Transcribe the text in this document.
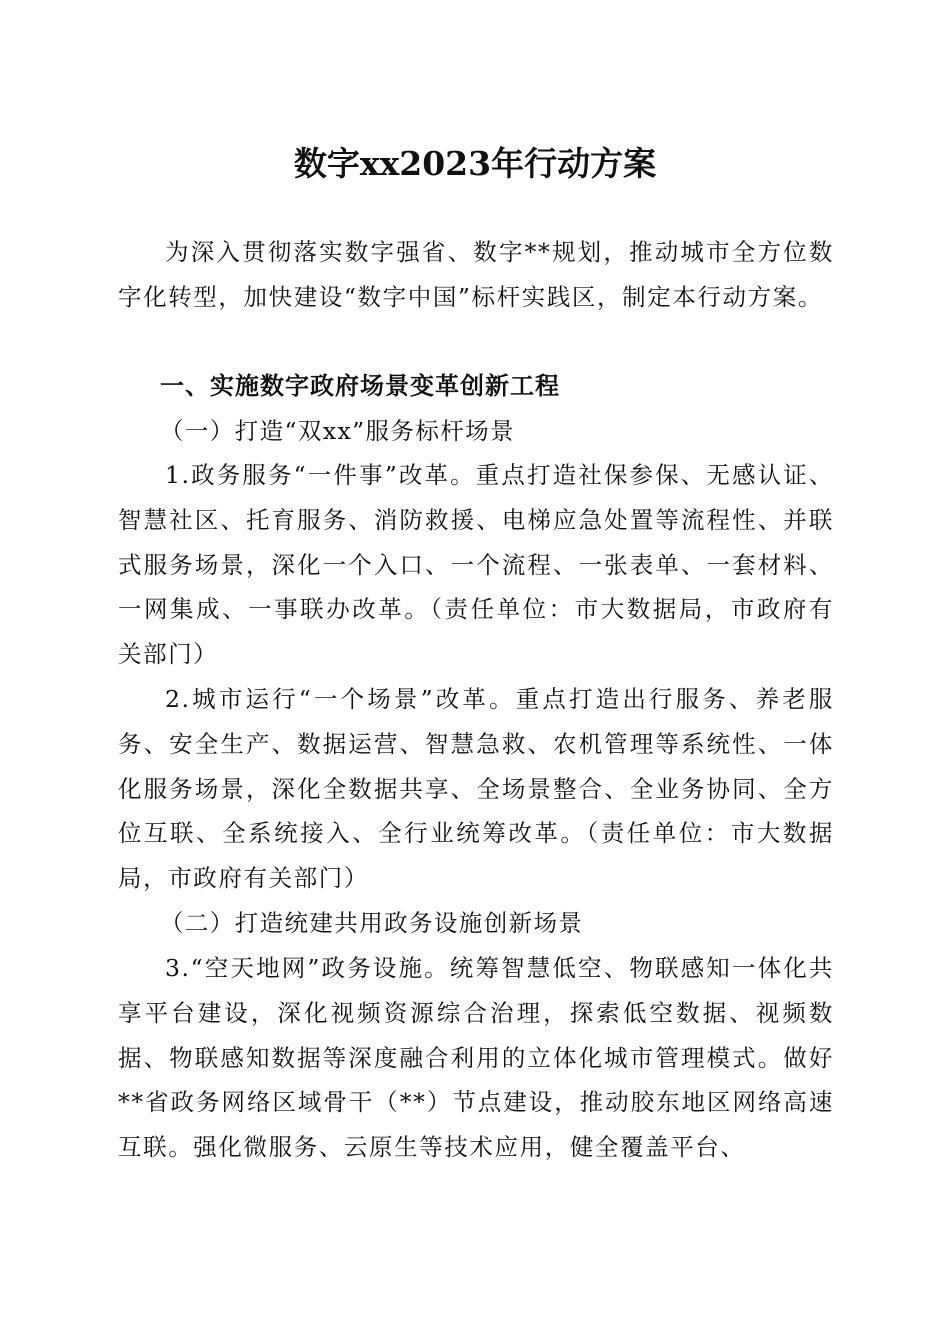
数字xx2023年行动方案

为深入贯彻落实数字强省、数字**规划，推动城市全方位数字化转型，加快建设“数字中国”标杆实践区，制定本行动方案。

一、实施数字政府场景变革创新工程

（一）打造“双xx”服务标杆场景

1.政务服务“一件事”改革。重点打造社保参保、无感认证、智慧社区、托育服务、消防救援、电梯应急处置等流程性、并联式服务场景，深化一个入口、一个流程、一张表单、一套材料、一网集成、一事联办改革。（责任单位：市大数据局，市政府有关部门）

2.城市运行“一个场景”改革。重点打造出行服务、养老服务、安全生产、数据运营、智慧急救、农机管理等系统性、一体化服务场景，深化全数据共享、全场景整合、全业务协同、全方位互联、全系统接入、全行业统筹改革。（责任单位：市大数据局，市政府有关部门）

（二）打造统建共用政务设施创新场景

3.“空天地网”政务设施。统筹智慧低空、物联感知一体化共享平台建设，深化视频资源综合治理，探索低空数据、视频数据、物联感知数据等深度融合利用的立体化城市管理模式。做好**省政务网络区域骨干（**）节点建设，推动胶东地区网络高速互联。强化微服务、云原生等技术应用，健全覆盖平台、
